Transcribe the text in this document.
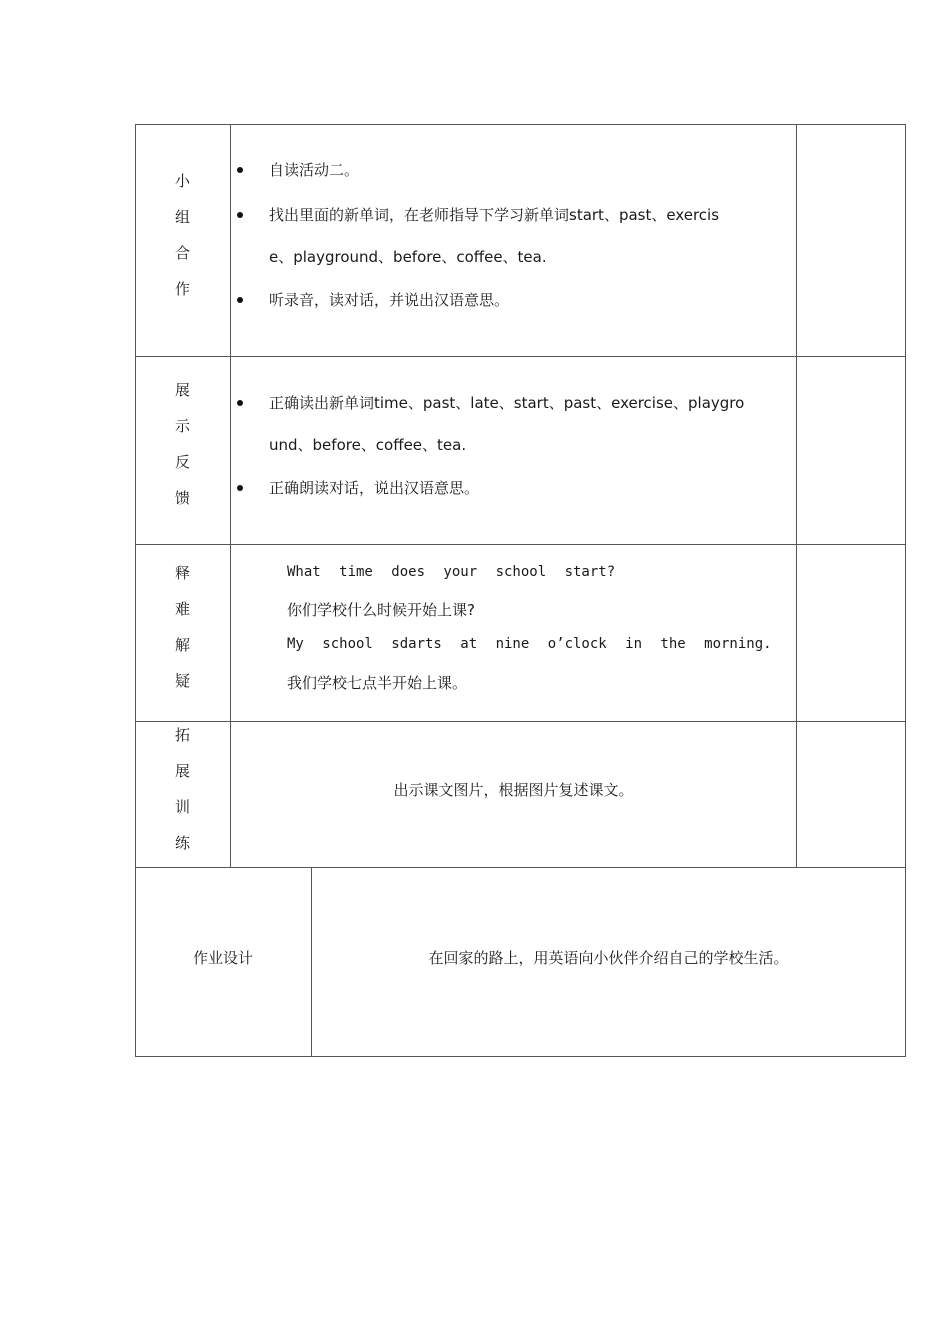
小
组
合
作
自读活动二。
找出里面的新单词，在老师指导下学习新单词start、past、exercis
e、playground、before、coffee、tea.
听录音，读对话，并说出汉语意思。
展
示
反
馈
正确读出新单词time、past、late、start、past、exercise、playgro
und、before、coffee、tea.
正确朗读对话，说出汉语意思。
释
难
解
疑
What time does your school start?
你们学校什么时候开始上课?
My school sdarts at nine o’clock in the morning.
我们学校七点半开始上课。
拓
展
训
练
出示课文图片，根据图片复述课文。
作业设计	在回家的路上，用英语向小伙伴介绍自己的学校生活。
